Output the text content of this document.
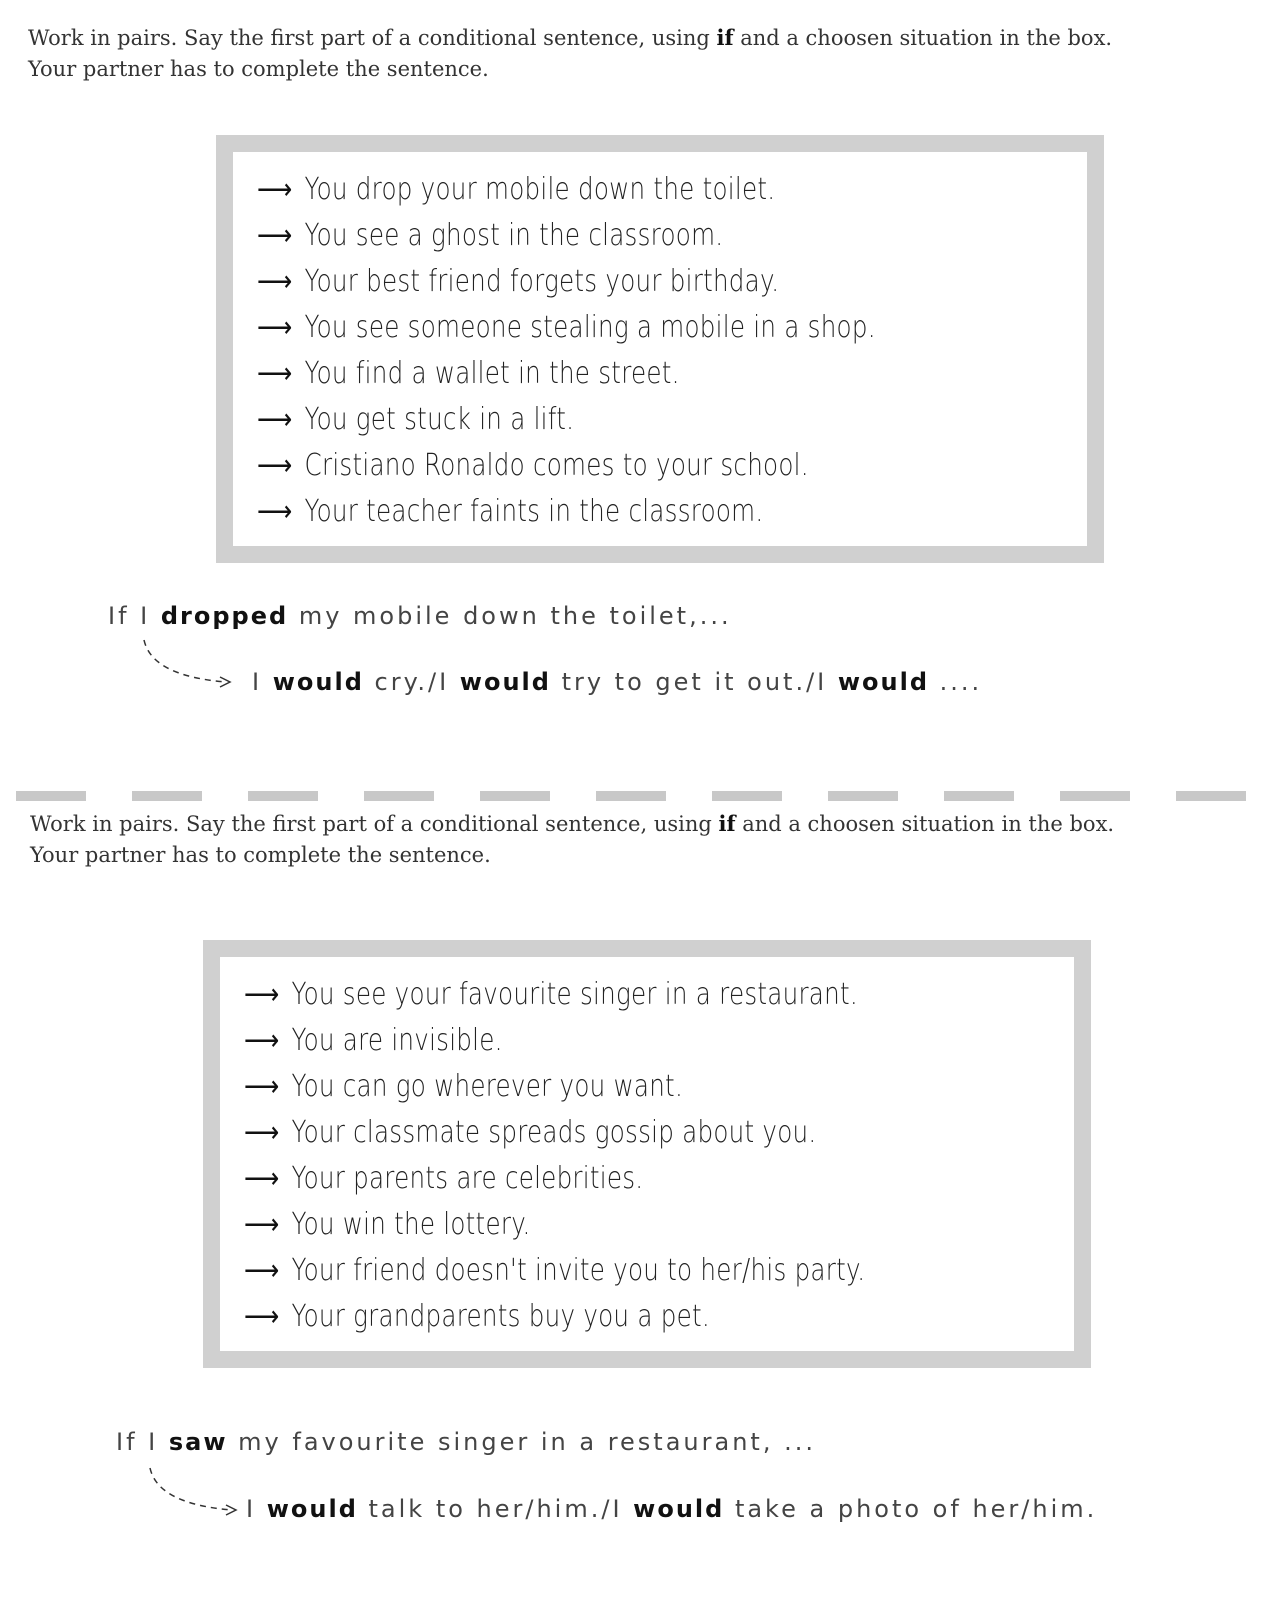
Work in pairs. Say the first part of a conditional sentence, using if and a choosen situation in the box.
Your partner has to complete the sentence.
⟶ You drop your mobile down the toilet.
⟶ You see a ghost in the classroom.
⟶ Your best friend forgets your birthday.
⟶ You see someone stealing a mobile in a shop.
⟶ You find a wallet in the street.
⟶ You get stuck in a lift.
⟶ Cristiano Ronaldo comes to your school.
⟶ Your teacher faints in the classroom.
If I dropped my mobile down the toilet,...
I would cry./I would try to get it out./I would ....
Work in pairs. Say the first part of a conditional sentence, using if and a choosen situation in the box.
Your partner has to complete the sentence.
⟶ You see your favourite singer in a restaurant.
⟶ You are invisible.
⟶ You can go wherever you want.
⟶ Your classmate spreads gossip about you.
⟶ Your parents are celebrities.
⟶ You win the lottery.
⟶ Your friend doesn't invite you to her/his party.
⟶ Your grandparents buy you a pet.
If I saw my favourite singer in a restaurant, ...
I would talk to her/him./I would take a photo of her/him.
